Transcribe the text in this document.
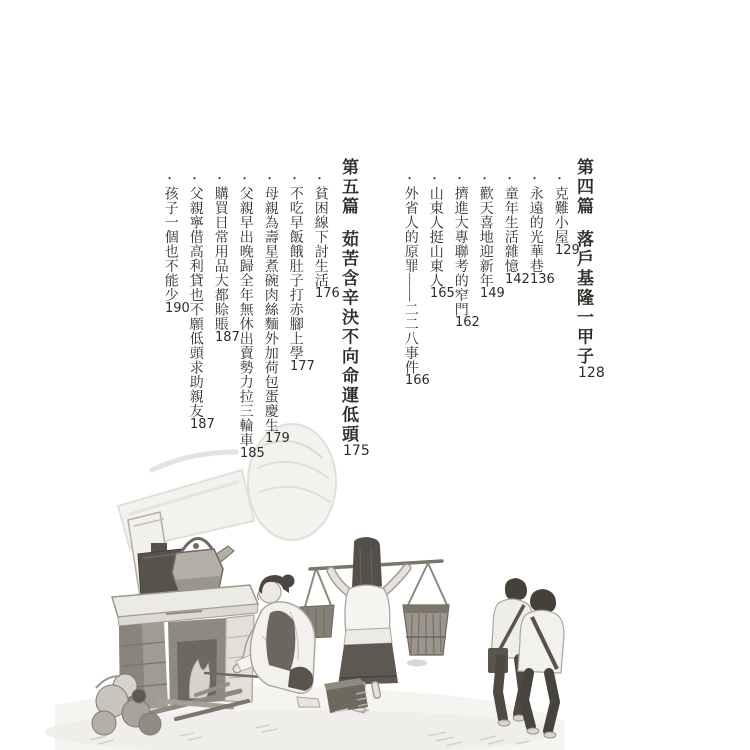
第四篇落戶基隆一甲子128
·克難小屋129
·永遠的光華巷136
·童年生活雜憶142
·歡天喜地迎新年149
·擠進大專聯考的窄門162
·山東人挺山東人165
·外省人的原罪——二二八事件166
第五篇茹苦含辛決不向命運低頭175
·貧困線下討生活176
·不吃早飯餓肚子打赤腳上學177
·母親為壽星煮碗肉絲麵外加荷包蛋慶生179
·父親早出晚歸全年無休出賣勢力拉三輪車185
·購買日常用品大都賒賬187
·父親寧借高利貸也不願低頭求助親友187
·孩子一個也不能少190
